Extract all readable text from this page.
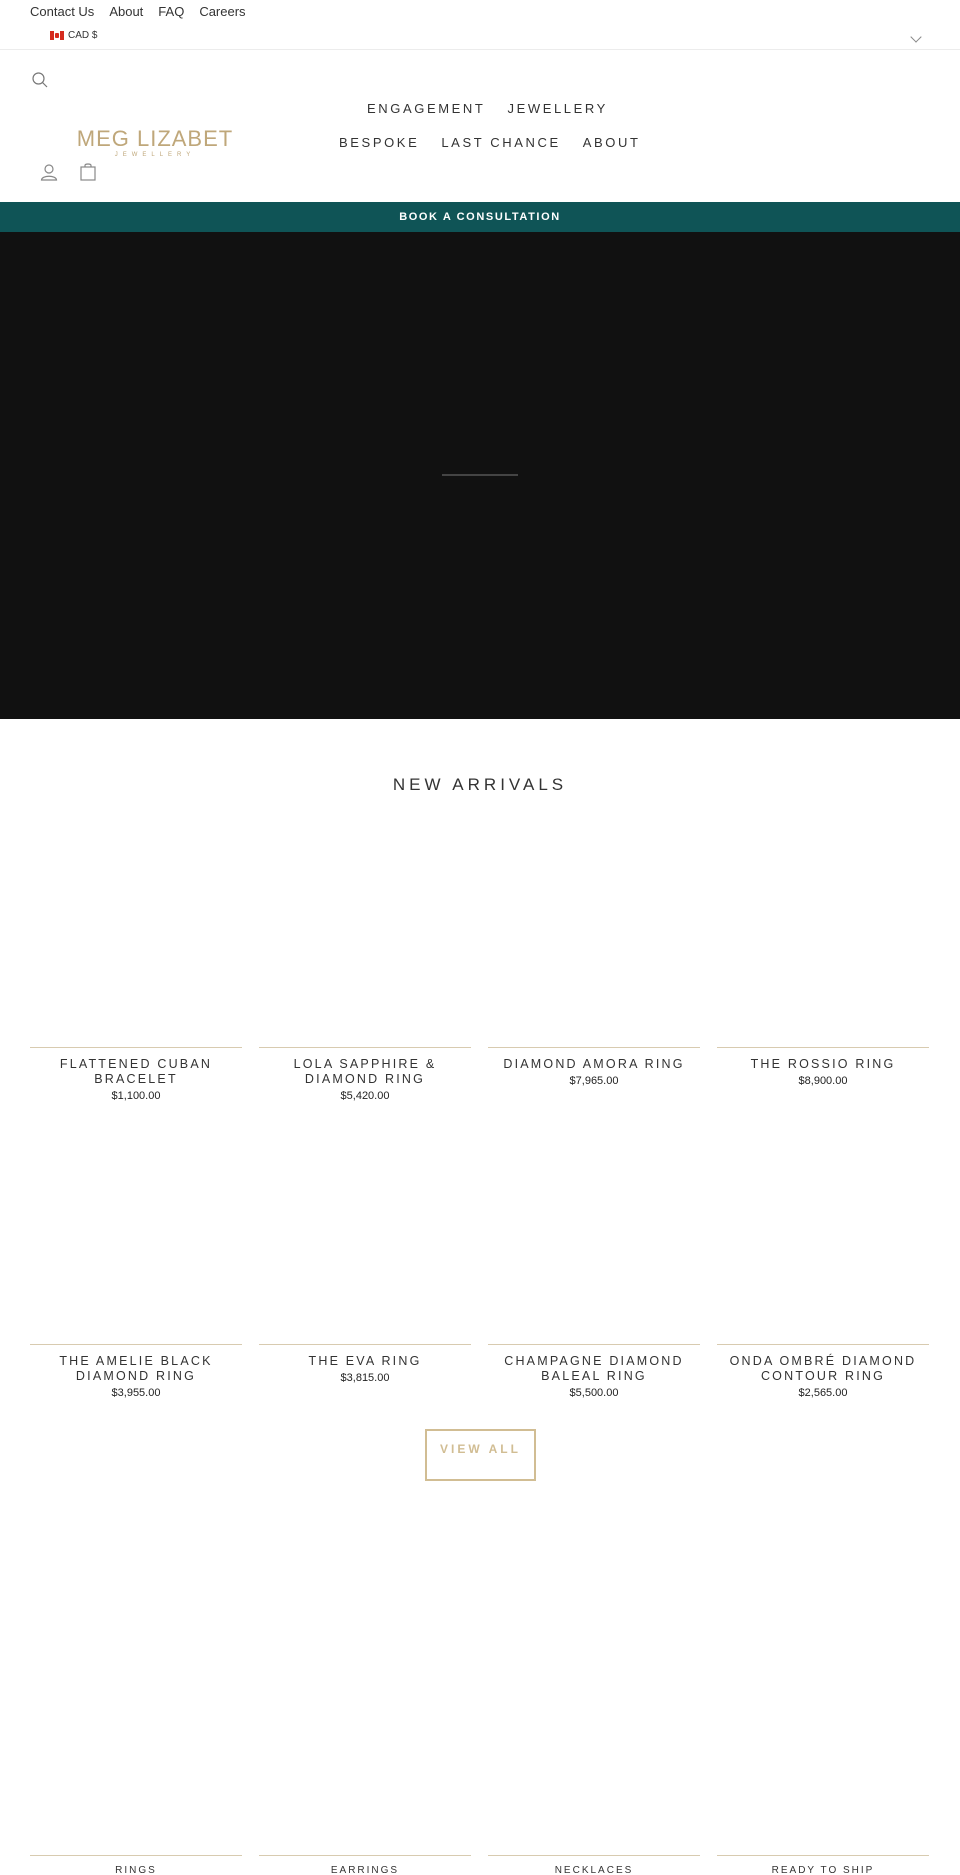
Contact Us About FAQ Careers
CAD $
MEG LIZABET
JEWELLERY
ENGAGEMENT JEWELLERY
BESPOKE LAST CHANCE ABOUT
BOOK A CONSULTATION
NEW ARRIVALS
FLATTENED CUBAN BRACELET
$1,100.00
LOLA SAPPHIRE & DIAMOND RING
$5,420.00
DIAMOND AMORA RING
$7,965.00
THE ROSSIO RING
$8,900.00
THE AMELIE BLACK DIAMOND RING
$3,955.00
THE EVA RING
$3,815.00
CHAMPAGNE DIAMOND BALEAL RING
$5,500.00
ONDA OMBRÉ DIAMOND CONTOUR RING
$2,565.00
VIEW ALL
RINGS	EARRINGS	NECKLACES	READY TO SHIP
